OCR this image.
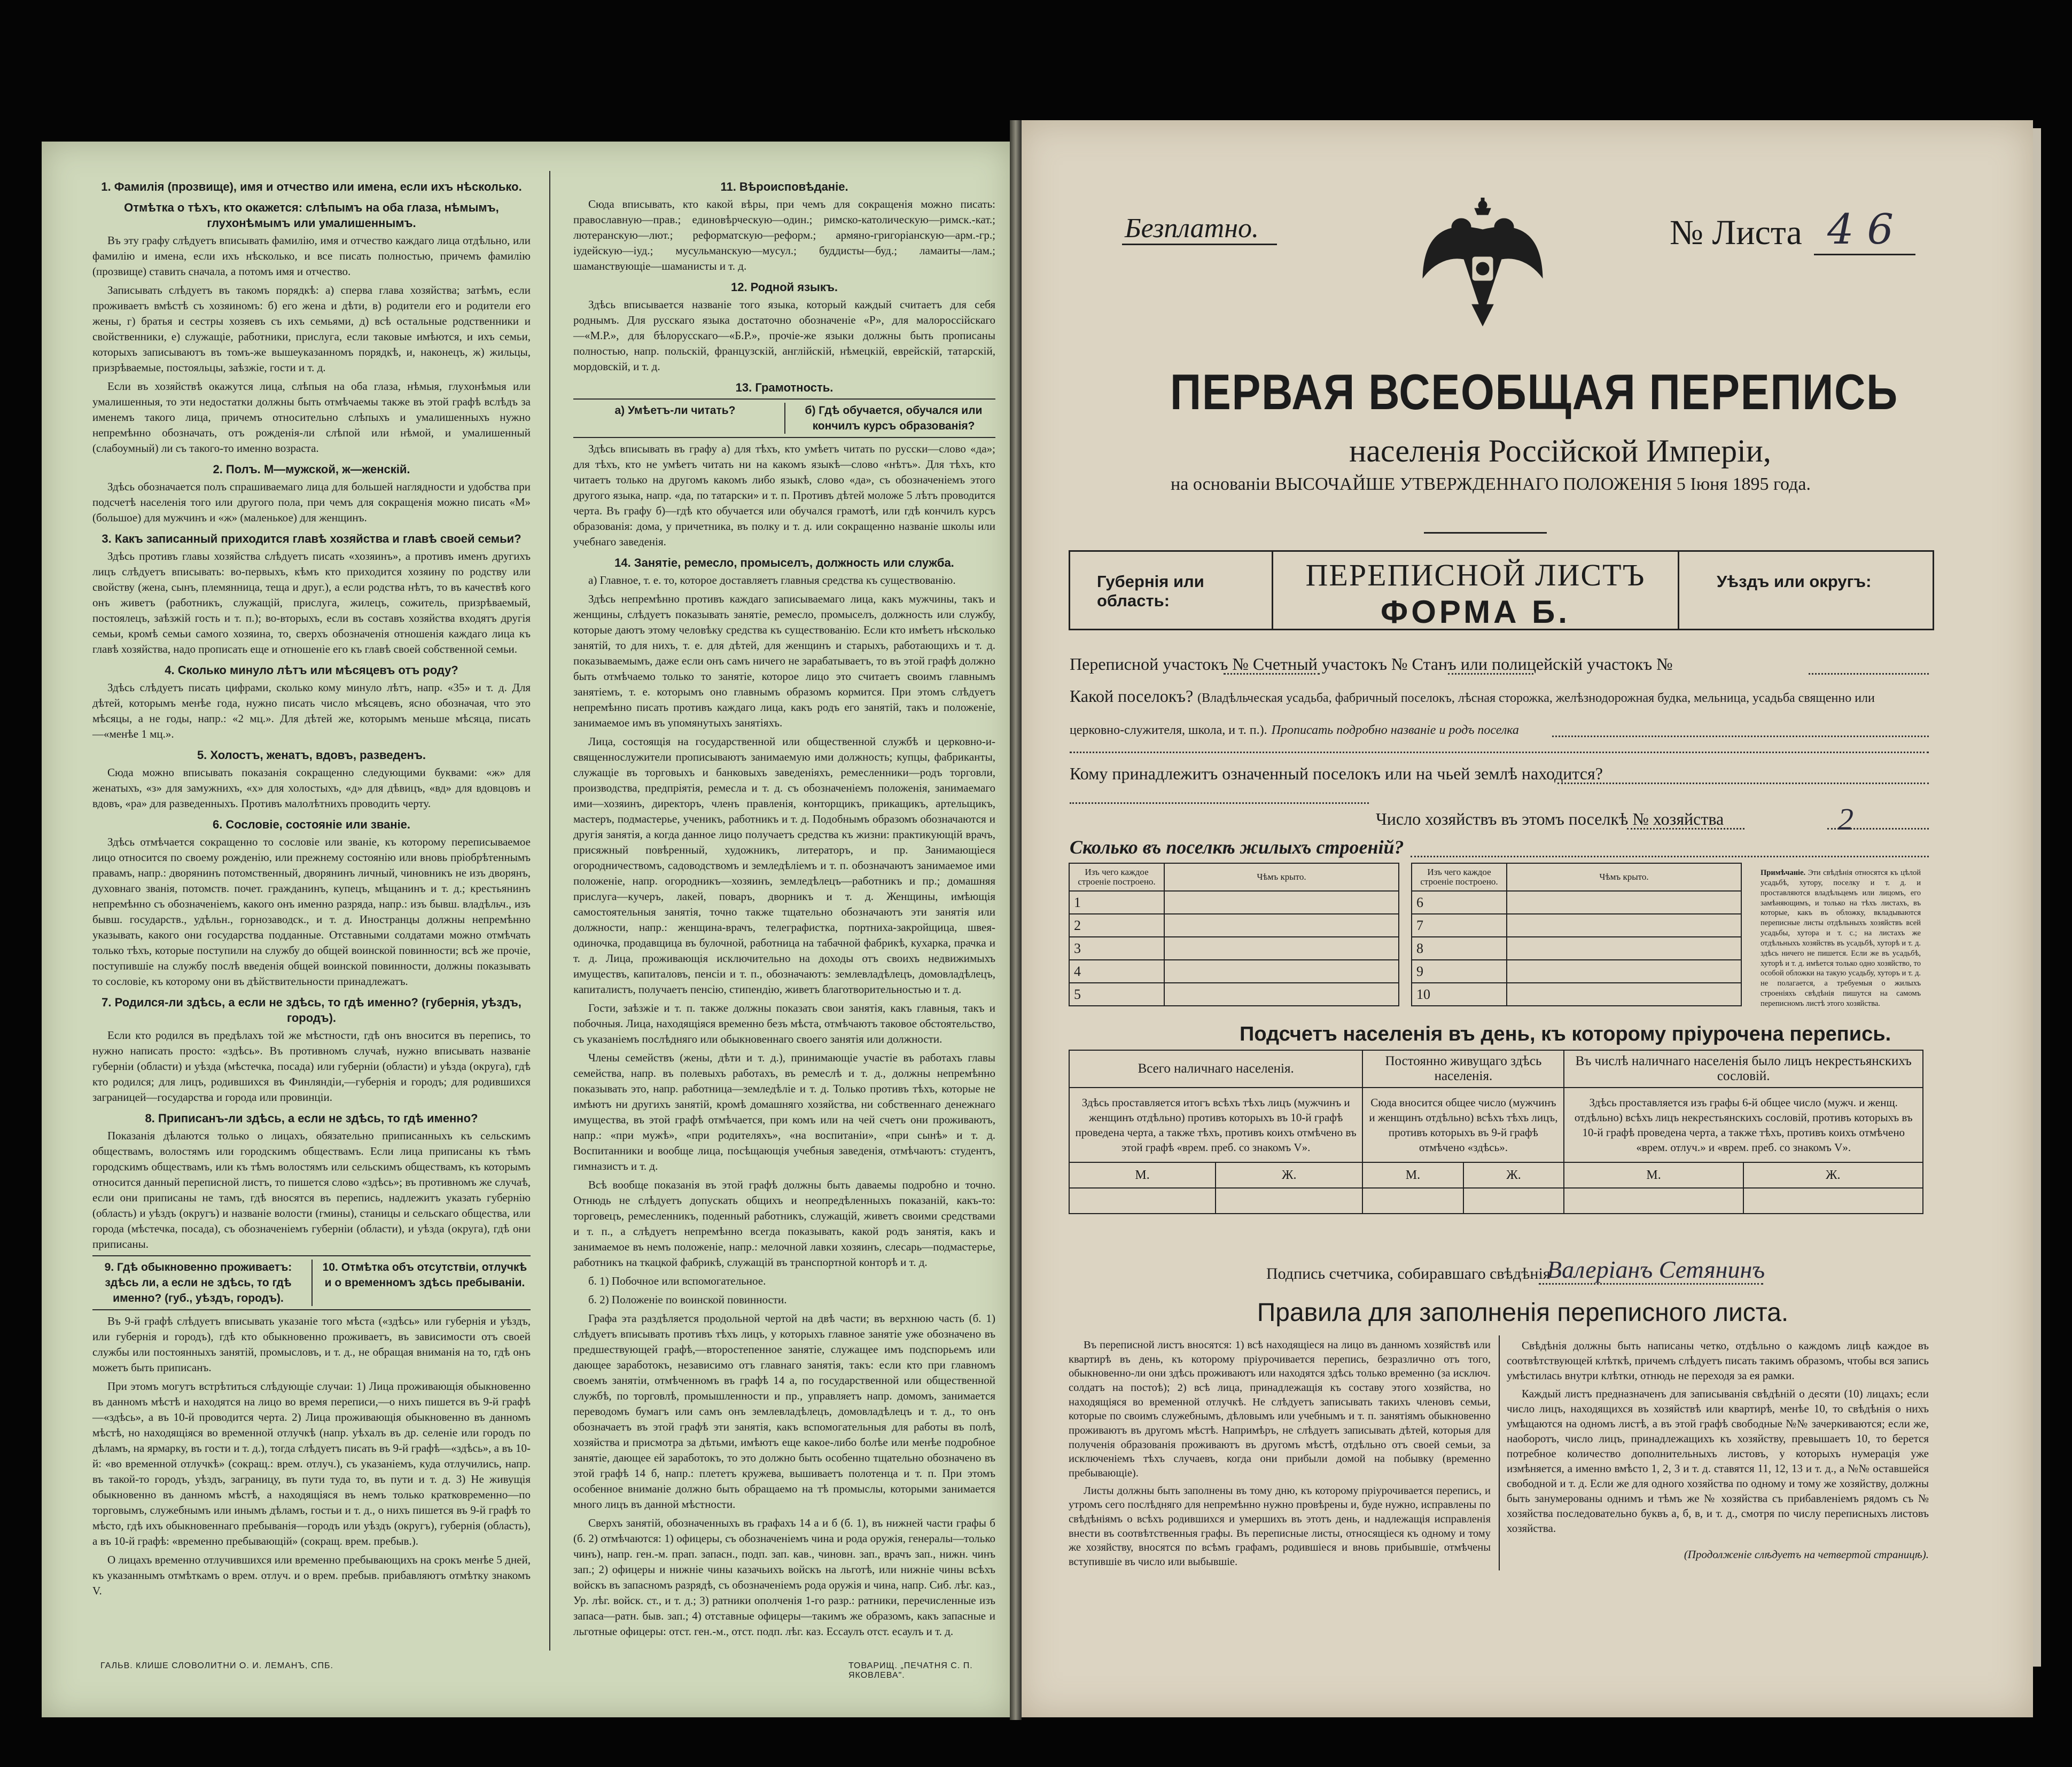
1. Фамилія (прозвище), имя и отчество или имена, если ихъ нѣсколько.
Отмѣтка о тѣхъ, кто окажется: слѣпымъ на оба глаза, нѣмымъ, глухонѣмымъ или умалишеннымъ.

Въ эту графу слѣдуетъ вписывать фамилію, имя и отчество каждаго лица отдѣльно, или фамилію и имена, если ихъ нѣсколько, и все писать полностью, причемъ фамилію (прозвище) ставить сначала, а потомъ имя и отчество.

Записывать слѣдуетъ въ такомъ порядкѣ: а) сперва глава хозяйства; затѣмъ, если проживаетъ вмѣстѣ съ хозяиномъ: б) его жена и дѣти, в) родители его и родители его жены, г) братья и сестры хозяевъ съ ихъ семьями, д) всѣ остальные родственники и свойственники, е) служащіе, работники, прислуга, если таковые имѣются, и ихъ семьи, которыхъ записываютъ въ томъ-же вышеуказанномъ порядкѣ, и, наконецъ, ж) жильцы, призрѣваемые, постояльцы, заѣзжіе, гости и т. д.

Если въ хозяйствѣ окажутся лица, слѣпыя на оба глаза, нѣмыя, глухонѣмыя или умалишенныя, то эти недостатки должны быть отмѣчаемы также въ этой графѣ вслѣдъ за именемъ такого лица, причемъ относительно слѣпыхъ и умалишенныхъ нужно непремѣнно обозначать, отъ рожденія-ли слѣпой или нѣмой, и умалишенный (слабоумный) ли съ такого-то именно возраста.

2. Полъ. М—мужской, ж—женскій.

Здѣсь обозначается полъ спрашиваемаго лица для большей наглядности и удобства при подсчетѣ населенія того или другого пола, при чемъ для сокращенія можно писать «М» (большое) для мужчинъ и «ж» (маленькое) для женщинъ.

3. Какъ записанный приходится главѣ хозяйства и главѣ своей семьи?

Здѣсь противъ главы хозяйства слѣдуетъ писать «хозяинъ», а противъ именъ другихъ лицъ слѣдуетъ вписывать: во-первыхъ, кѣмъ кто приходится хозяину по родству или свойству (жена, сынъ, племянница, теща и друг.), а если родства нѣтъ, то въ качествѣ кого онъ живетъ (работникъ, служащій, прислуга, жилецъ, сожитель, призрѣваемый, постоялецъ, заѣзжій гость и т. п.); во-вторыхъ, если въ составъ хозяйства входятъ другія семьи, кромѣ семьи самого хозяина, то, сверхъ обозначенія отношенія каждаго лица къ главѣ хозяйства, надо прописать еще и отношеніе его къ главѣ своей собственной семьи.

4. Сколько минуло лѣтъ или мѣсяцевъ отъ роду?

Здѣсь слѣдуетъ писать цифрами, сколько кому минуло лѣтъ, напр. «35» и т. д. Для дѣтей, которымъ менѣе года, нужно писать число мѣсяцевъ, ясно обозначая, что это мѣсяцы, а не годы, напр.: «2 мц.». Для дѣтей же, которымъ меньше мѣсяца, писать—«менѣе 1 мц.».

5. Холостъ, женатъ, вдовъ, разведенъ.

Сюда можно вписывать показанія сокращенно следующими буквами: «ж» для женатыхъ, «з» для замужнихъ, «х» для холостыхъ, «д» для дѣвицъ, «вд» для вдовцовъ и вдовъ, «ра» для разведенныхъ. Противъ малолѣтнихъ проводить черту.

6. Сословіе, состояніе или званіе.

Здѣсь отмѣчается сокращенно то сословіе или званіе, къ которому переписываемое лицо относится по своему рожденію, или прежнему состоянію или вновь пріобрѣтеннымъ правамъ, напр.: дворянинъ потомственный, дворянинъ личный, чиновникъ не изъ дворянъ, духовнаго званія, потомств. почет. гражданинъ, купецъ, мѣщанинъ и т. д.; крестьянинъ непремѣнно съ обозначеніемъ, какого онъ именно разряда, напр.: изъ бывш. владѣльч., изъ бывш. государств., удѣльн., горнозаводск., и т. д. Иностранцы должны непремѣнно указывать, какого они государства подданные. Отставными солдатами можно отмѣчать только тѣхъ, которые поступили на службу до общей воинской повинности; всѣ же прочіе, поступившіе на службу послѣ введенія общей воинской повинности, должны показывать то сословіе, къ которому они въ дѣйствительности принадлежатъ.

7. Родился-ли здѣсь, а если не здѣсь, то гдѣ именно? (губернія, уѣздъ, городъ).

Если кто родился въ предѣлахъ той же мѣстности, гдѣ онъ вносится въ перепись, то нужно написать просто: «здѣсь». Въ противномъ случаѣ, нужно вписывать названіе губерніи (области) и уѣзда (мѣстечка, посада) или губерніи (области) и уѣзда (округа), гдѣ кто родился; для лицъ, родившихся въ Финляндіи,—губернія и городъ; для родившихся заграницей—государства и города или провинціи.

8. Приписанъ-ли здѣсь, а если не здѣсь, то гдѣ именно?

Показанія дѣлаются только о лицахъ, обязательно приписанныхъ къ сельскимъ обществамъ, волостямъ или городскимъ обществамъ. Если лица приписаны къ тѣмъ городскимъ обществамъ, или къ тѣмъ волостямъ или сельскимъ обществамъ, къ которымъ относится данный переписной листъ, то пишется слово «здѣсь»; въ противномъ же случаѣ, если они приписаны не тамъ, гдѣ вносятся въ перепись, надлежитъ указать губернію (область) и уѣздъ (округъ) и названіе волости (гмины), станицы и сельскаго общества, или города (мѣстечка, посада), съ обозначеніемъ губерніи (области), и уѣзда (округа), гдѣ они приписаны.

9. Гдѣ обыкновенно проживаетъ: здѣсь ли, а если не здѣсь, то гдѣ именно? (губ., уѣздъ, городъ).
10. Отмѣтка объ отсутствіи, отлучкѣ и о временномъ здѣсь пребываніи.

Въ 9-й графѣ слѣдуетъ вписывать указаніе того мѣста («здѣсь» или губернія и уѣздъ, или губернія и городъ), гдѣ кто обыкновенно проживаетъ, въ зависимости отъ своей службы или постоянныхъ занятій, промысловъ, и т. д., не обращая вниманія на то, гдѣ онъ можетъ быть приписанъ.

При этомъ могутъ встрѣтиться слѣдующіе случаи: 1) Лица проживающія обыкновенно въ данномъ мѣстѣ и находятся на лицо во время переписи,—о нихъ пишется въ 9-й графѣ—«здѣсь», а въ 10-й проводится черта. 2) Лица проживающія обыкновенно въ данномъ мѣстѣ, но находящіяся во временной отлучкѣ (напр. уѣхалъ въ др. селеніе или городъ по дѣламъ, на ярмарку, въ гости и т. д.), тогда слѣдуетъ писать въ 9-й графѣ—«здѣсь», а въ 10-й: «во временной отлучкѣ» (сокращ.: врем. отлуч.), съ указаніемъ, куда отлучились, напр. въ такой-то городъ, уѣздъ, заграницу, въ пути туда то, въ пути и т. д. 3) Не живущія обыкновенно въ данномъ мѣстѣ, а находящіяся въ немъ только кратковременно—по торговымъ, служебнымъ или инымъ дѣламъ, гостьи и т. д., о нихъ пишется въ 9-й графѣ то мѣсто, гдѣ ихъ обыкновеннаго пребыванія—городъ или уѣздъ (округъ), губернія (область), а въ 10-й графѣ: «временно пребывающій» (сокращ. врем. пребыв.).

О лицахъ временно отлучившихся или временно пребывающихъ на срокъ менѣе 5 дней, къ указаннымъ отмѣткамъ о врем. отлуч. и о врем. пребыв. прибавляютъ отмѣтку знакомъ V.

11. Вѣроисповѣданіе.

Сюда вписывать, кто какой вѣры, при чемъ для сокращенія можно писать: православную—прав.; единовѣрческую—один.; римско-католическую—римск.-кат.; лютеранскую—лют.; реформатскую—реформ.; армяно-григоріанскую—арм.-гр.; іудейскую—іуд.; мусульманскую—мусул.; буддисты—буд.; ламаиты—лам.; шаманствующіе—шаманисты и т. д.

12. Родной языкъ.

Здѣсь вписывается названіе того языка, который каждый считаетъ для себя роднымъ. Для русскаго языка достаточно обозначеніе «Р», для малороссійскаго—«М.Р.», для бѣлорусскаго—«Б.Р.», прочіе-же языки должны быть прописаны полностью, напр. польскій, французскій, англійскій, нѣмецкій, еврейскій, татарскій, мордовскій, и т. д.

13. Грамотность.
а) Умѣетъ-ли читать?	б) Гдѣ обучается, обучался или кончилъ курсъ образованія?

Здѣсь вписывать въ графу а) для тѣхъ, кто умѣетъ читать по русски—слово «да»; для тѣхъ, кто не умѣетъ читать ни на какомъ языкѣ—слово «нѣтъ». Для тѣхъ, кто читаетъ только на другомъ какомъ либо языкѣ, слово «да», съ обозначеніемъ этого другого языка, напр. «да, по татарски» и т. п. Противъ дѣтей моложе 5 лѣтъ проводится черта. Въ графу б)—гдѣ кто обучается или обучался грамотѣ, или гдѣ кончилъ курсъ образованія: дома, у причетника, въ полку и т. д. или сокращенно названіе школы или учебнаго заведенія.

14. Занятіе, ремесло, промыселъ, должность или служба.

а) Главное, т. е. то, которое доставляетъ главныя средства къ существованію.

Здѣсь непремѣнно противъ каждаго записываемаго лица, какъ мужчины, такъ и женщины, слѣдуетъ показывать занятіе, ремесло, промыселъ, должность или службу, которые даютъ этому человѣку средства къ существованію. Если кто имѣетъ нѣсколько занятій, то для нихъ, т. е. для дѣтей, для женщинъ и старыхъ, работающихъ и т. д. показываемымъ, даже если онъ самъ ничего не зарабатываетъ, то въ этой графѣ должно быть отмѣчаемо только то занятіе, которое лицо это считаетъ своимъ главнымъ занятіемъ, т. е. которымъ оно главнымъ образомъ кормится. При этомъ слѣдуетъ непремѣнно писать противъ каждаго лица, какъ родъ его занятій, такъ и положеніе, занимаемое имъ въ упомянутыхъ занятіяхъ.

Лица, состоящія на государственной или общественной службѣ и церковно-и-священнослужители прописываютъ занимаемую ими должность; купцы, фабриканты, служащіе въ торговыхъ и банковыхъ заведеніяхъ, ремесленники—родъ торговли, производства, предпріятія, ремесла и т. д. съ обозначеніемъ положенія, занимаемаго ими—хозяинъ, директоръ, членъ правленія, конторщикъ, прикащикъ, артельщикъ, мастеръ, подмастерье, ученикъ, работникъ и т. д. Подобнымъ образомъ обозначаются и другія занятія, а когда данное лицо получаетъ средства къ жизни: практикующій врачъ, присяжный повѣренный, художникъ, литераторъ, и пр. Занимающіеся огородничествомъ, садоводствомъ и земледѣліемъ и т. п. обозначаютъ занимаемое ими положеніе, напр. огородникъ—хозяинъ, земледѣлецъ—работникъ и пр.; домашняя прислуга—кучеръ, лакей, поваръ, дворникъ и т. д. Женщины, имѣющія самостоятельныя занятія, точно также тщательно обозначаютъ эти занятія или должности, напр.: женщина-врачъ, телеграфистка, портниха-закройщица, швея-одиночка, продавщица въ булочной, работница на табачной фабрикѣ, кухарка, прачка и т. д. Лица, проживающія исключительно на доходы отъ своихъ недвижимыхъ имуществъ, капиталовъ, пенсіи и т. п., обозначаютъ: землевладѣлецъ, домовладѣлецъ, капиталистъ, получаетъ пенсію, стипендію, живетъ благотворительностью и т. д.

Гости, заѣзжіе и т. п. также должны показать свои занятія, какъ главныя, такъ и побочныя. Лица, находящіяся временно безъ мѣста, отмѣчаютъ таковое обстоятельство, съ указаніемъ послѣдняго или обыкновеннаго своего занятія или должности.

Члены семействъ (жены, дѣти и т. д.), принимающіе участіе въ работахъ главы семейства, напр. въ полевыхъ работахъ, въ ремеслѣ и т. д., должны непремѣнно показывать это, напр. работница—земледѣліе и т. д. Только противъ тѣхъ, которые не имѣютъ ни другихъ занятій, кромѣ домашняго хозяйства, ни собственнаго денежнаго имущества, въ этой графѣ отмѣчается, при комъ или на чей счетъ они проживаютъ, напр.: «при мужѣ», «при родителяхъ», «на воспитаніи», «при сынѣ» и т. д. Воспитанники и вообще лица, посѣщающія учебныя заведенія, отмѣчаютъ: студентъ, гимназистъ и т. д.

Всѣ вообще показанія въ этой графѣ должны быть даваемы подробно и точно. Отнюдь не слѣдуетъ допускать общихъ и неопредѣленныхъ показаній, какъ-то: торговецъ, ремесленникъ, поденный работникъ, служащій, живетъ своими средствами и т. п., а слѣдуетъ непремѣнно всегда показывать, какой родъ занятія, какъ и занимаемое въ немъ положеніе, напр.: мелочной лавки хозяинъ, слесарь—подмастерье, работникъ на ткацкой фабрикѣ, служащій въ транспортной конторѣ и т. д.

б. 1) Побочное или вспомогательное.

б. 2) Положеніе по воинской повинности.

Графа эта раздѣляется продольной чертой на двѣ части; въ верхнюю часть (б. 1) слѣдуетъ вписывать противъ тѣхъ лицъ, у которыхъ главное занятіе уже обозначено въ предшествующей графѣ,—второстепенное занятіе, служащее имъ подспорьемъ или дающее заработокъ, независимо отъ главнаго занятія, такъ: если кто при главномъ своемъ занятіи, отмѣченномъ въ графѣ 14 а, по государственной или общественной службѣ, по торговлѣ, промышленности и пр., управляетъ напр. домомъ, занимается переводомъ бумагъ или самъ онъ землевладѣлецъ, домовладѣлецъ и т. д., то онъ обозначаетъ въ этой графѣ эти занятія, какъ вспомогательныя для работы въ полѣ, хозяйства и присмотра за дѣтьми, имѣютъ еще какое-либо болѣе или менѣе подробное занятіе, дающее ей заработокъ, то это должно быть особенно тщательно обозначено въ этой графѣ 14 б, напр.: плететъ кружева, вышиваетъ полотенца и т. п. При этомъ особенное вниманіе должно быть обращаемо на тѣ промыслы, которыми занимается много лицъ въ данной мѣстности.

Сверхъ занятій, обозначенныхъ въ графахъ 14 а и б (б. 1), въ нижней части графы б (б. 2) отмѣчаются: 1) офицеры, съ обозначеніемъ чина и рода оружія, генералы—только чинъ), напр. ген.-м. прап. запасн., подп. зап. кав., чиновн. зап., врачъ зап., нижн. чинъ зап.; 2) офицеры и нижніе чины казачьихъ войскъ на льготѣ, или нижніе чины всѣхъ войскъ въ запасномъ разрядѣ, съ обозначеніемъ рода оружія и чина, напр. Сиб. лѣг. каз., Ур. лѣг. войск. ст., и т. д.; 3) ратники ополченія 1-го разр.: ратники, перечисленные изъ запаса—ратн. быв. зап.; 4) отставные офицеры—такимъ же образомъ, какъ запасные и льготные офицеры: отст. ген.-м., отст. подп. лѣг. каз. Ессаулъ отст. есаулъ и т. д.

ГАЛЬВ. КЛИШЕ СЛОВОЛИТНИ О. И. ЛЕМАНЪ, СПБ.	ТОВАРИЩ. „ПЕЧАТНЯ С. П. ЯКОВЛЕВА".
Безплатно.	№ Листа 4 6
ПЕРВАЯ ВСЕОБЩАЯ ПЕРЕПИСЬ
населенія Россійской Имперіи,
на основаніи ВЫСОЧАЙШЕ УТВЕРЖДЕННАГО ПОЛОЖЕНІЯ 5 Іюня 1895 года.
Губернія или область:
ПЕРЕПИСНОЙ ЛИСТЪ
ФОРМА Б.
Уѣздъ или округъ:
Переписной участокъ № Счетный участокъ № Станъ или полицейскій участокъ №
Какой поселокъ? (Владѣльческая усадьба, фабричный поселокъ, лѣсная сторожка, желѣзнодорожная будка, мельница, усадьба священно или
церковно-служителя, школа, и т. п.). Прописать подробно названіе и родъ поселка
Кому принадлежитъ означенный поселокъ или на чьей землѣ находится?
Число хозяйствъ въ этомъ поселкѣ № хозяйства	2
Сколько въ поселкѣ жилыхъ строеній?
Изъ чего каждое строеніе построено.	Чѣмъ крыто.		Изъ чего каждое строеніе построено.	Чѣмъ крыто.
1			6	
2			7	
3			8	
4			9	
5			10	
Примѣчаніе. Эти свѣдѣнія относятся къ цѣлой усадьбѣ, хутору, поселку и т. д. и проставляются владѣльцемъ или лицомъ, его замѣняющимъ, и только на тѣхъ листахъ, въ которые, какъ въ обложку, вкладываются переписные листы отдѣльныхъ хозяйствъ всей усадьбы, хутора и т. с.; на листахъ же отдѣльныхъ хозяйствъ въ усадьбѣ, хуторѣ и т. д. здѣсь ничего не пишется. Если же въ усадьбѣ, хуторѣ и т. д. имѣется только одно хозяйство, то особой обложки на такую усадьбу, хуторъ и т. д. не полагается, а требуемыя о жилыхъ строеніяхъ свѣдѣнія пишутся на самомъ переписномъ листѣ этого хозяйства.
Подсчетъ населенія въ день, къ которому пріурочена перепись.
Всего наличнаго населенія.		Постоянно живущаго здѣсь населенія.		Въ числѣ наличнаго населенія было лицъ некрестьянскихъ сословій.	
Здѣсь проставляется итогъ всѣхъ тѣхъ лицъ (мужчинъ и женщинъ отдѣльно) противъ которыхъ въ 10-й графѣ проведена черта, а также тѣхъ, противъ коихъ отмѣчено въ этой графѣ «врем. преб. со знакомъ V».		Сюда вносится общее число (мужчинъ и женщинъ отдѣльно) всѣхъ тѣхъ лицъ, противъ которыхъ въ 9-й графѣ отмѣчено «здѣсь».		Здѣсь проставляется изъ графы 6-й общее число (мужч. и женщ. отдѣльно) всѣхъ лицъ некрестьянскихъ сословій, противъ которыхъ въ 10-й графѣ проведена черта, а также тѣхъ, противъ коихъ отмѣчено «врем. отлуч.» и «врем. преб. со знакомъ V».	
М.	Ж.	М.	Ж.	М.	Ж.

Подпись счетчика, собиравшаго свѣдѣнія
Валеріанъ Сетянинъ
Правила для заполненія переписного листа.

Въ переписной листъ вносятся: 1) всѣ находящіеся на лицо въ данномъ хозяйствѣ или квартирѣ въ день, къ которому пріурочивается перепись, безразлично отъ того, обыкновенно-ли они здѣсь проживаютъ или находятся здѣсь только временно (за исключ. солдатъ на постоѣ); 2) всѣ лица, принадлежащія къ составу этого хозяйства, но находящіяся во временной отлучкѣ. Не слѣдуетъ записывать такихъ членовъ семьи, которые по своимъ служебнымъ, дѣловымъ или учебнымъ и т. п. занятіямъ обыкновенно проживаютъ въ другомъ мѣстѣ. Напримѣръ, не слѣдуетъ записывать дѣтей, которыя для полученія образованія проживаютъ въ другомъ мѣстѣ, отдѣльно отъ своей семьи, за исключеніемъ тѣхъ случаевъ, когда они прибыли домой на побывку (временно пребывающіе).

Листы должны быть заполнены въ тому дню, къ которому пріурочивается перепись, и утромъ сего послѣдняго для непремѣнно нужно провѣрены и, буде нужно, исправлены по свѣдѣніямъ о всѣхъ родившихся и умершихъ въ этотъ день, и надлежащія исправленія внести въ соотвѣтственныя графы. Въ переписные листы, относящіеся къ одному и тому же хозяйству, вносятся по всѣмъ графамъ, родившіеся и вновь прибывшіе, отмѣчены вступившіе въ число или выбывшіе.

Свѣдѣнія должны быть написаны четко, отдѣльно о каждомъ лицѣ каждое въ соотвѣтствующей клѣткѣ, причемъ слѣдуетъ писать такимъ образомъ, чтобы вся запись умѣстилась внутри клѣтки, отнюдь не переходя за ея рамки.

Каждый листъ предназначенъ для записыванія свѣдѣній о десяти (10) лицахъ; если число лицъ, находящихся въ хозяйствѣ или квартирѣ, менѣе 10, то свѣдѣнія о нихъ умѣщаются на одномъ листѣ, а въ этой графѣ свободные №№ зачеркиваются; если же, наоборотъ, число лицъ, принадлежащихъ къ хозяйству, превышаетъ 10, то берется потребное количество дополнительныхъ листовъ, у которыхъ нумерація уже измѣняется, а именно вмѣсто 1, 2, 3 и т. д. ставятся 11, 12, 13 и т. д., а №№ оставшейся свободной и т. д. Если же для одного хозяйства по одному и тому же хозяйству, должны быть занумерованы однимъ и тѣмъ же № хозяйства съ прибавленіемъ рядомъ съ № хозяйства последовательно буквъ а, б, в, и т. д., смотря по числу переписныхъ листовъ хозяйства.

(Продолженіе слѣдуетъ на четвертой страницѣ).
